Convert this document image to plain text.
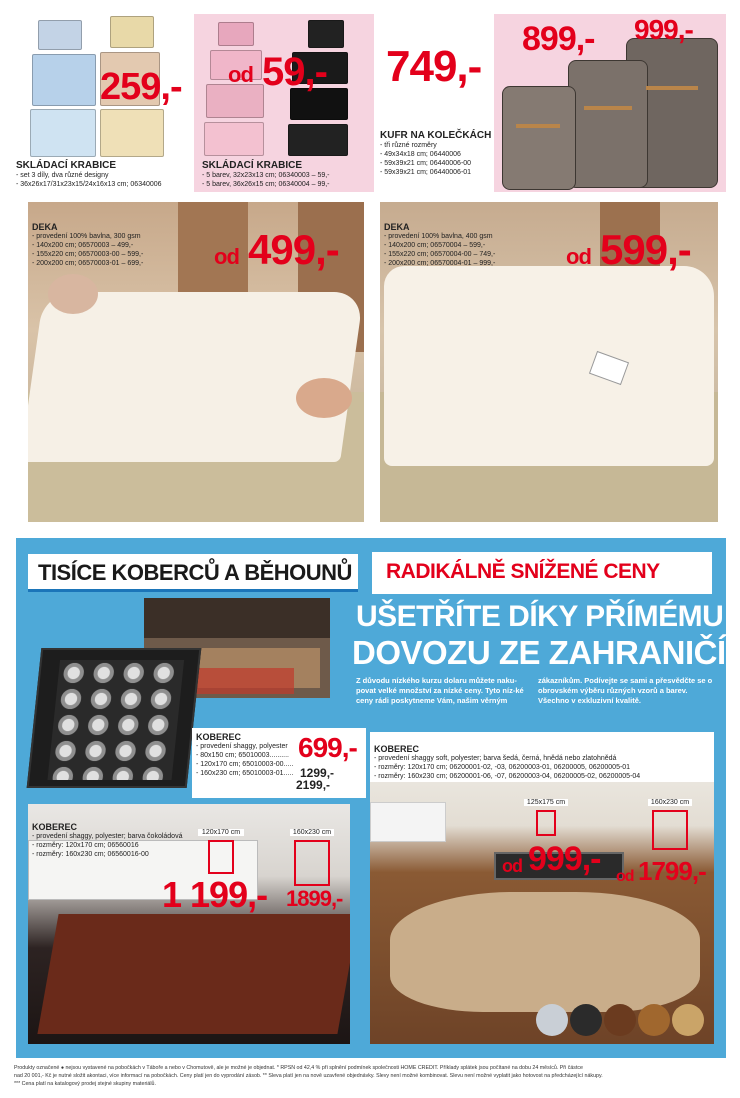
259,-
SKLÁDACÍ KRABICE
- set 3 díly, dva různé designy
- 36x26x17/31x23x15/24x16x13 cm; 06340006
od 59,-
SKLÁDACÍ KRABICE
- 5 barev, 32x23x13 cm; 06340003 – 59,-
- 5 barev, 36x26x15 cm; 06340004 – 99,-
749,-
899,- 999,-
KUFR NA KOLEČKÁCH
- tři různé rozměry
- 49x34x18 cm; 06440006
- 59x39x21 cm; 06440006-00
- 59x39x21 cm; 06440006-01
DEKA
- provedení 100% bavlna, 300 gsm
- 140x200 cm; 06570003 – 499,-
- 155x220 cm; 06570003-00 – 599,-
- 200x200 cm; 06570003-01 – 699,-	od 499,-	DEKA
- provedení 100% bavlna, 400 gsm
- 140x200 cm; 06570004 – 599,-
- 155x220 cm; 06570004-00 – 749,-
- 200x200 cm; 06570004-01 – 999,-	od 599,-
TISÍCE KOBERCŮ A BĚHOUNŮ RADIKÁLNĚ SNÍŽENÉ CENY
UŠETŘÍTE DÍKY PŘÍMÉMU
DOVOZU ZE ZAHRANIČÍ
Z důvodu nízkého kurzu dolaru můžete naku-povat velké množství za nízké ceny. Tyto níz-ké ceny rádi poskytneme Vám, našim věrným
zákazníkům. Podívejte se sami a přesvědčte se o obrovském výběru různých vzorů a barev. Všechno v exkluzivní kvalitě.
KOBEREC
- provedení shaggy, polyester
- 80x150 cm; 65010003..........
- 120x170 cm; 65010003-00.....
- 160x230 cm; 65010003-01.....
699,-
1299,-
2199,-
KOBEREC
- provedení shaggy soft, polyester; barva šedá, černá, hnědá nebo zlatohnědá
- rozměry: 120x170 cm; 06200001-02, -03, 06200003-01, 06200005, 06200005-01
- rozměry: 160x230 cm; 06200001-06, -07, 06200003-04, 06200005-02, 06200005-04
125x175 cm	160x230 cm
od 999,- od 1799,-
KOBEREC
- provedení shaggy, polyester; barva čokoládová
- rozměry: 120x170 cm; 06560016
- rozměry: 160x230 cm; 06560016-00
120x170 cm	160x230 cm
1 199,- 1899,-
Produkty označené ● nejsou vystavené na pobočkách v Táboře a nebo v Chomutově, ale je možné je objednat. * RPSN od 42,4 % při splnění podmínek společnosti HOME CREDIT. Příklady splátek jsou počítané na dobu 24 měsíců. Při částce
nad 20 001,- Kč je nutné složit akontaci, více informací na pobočkách. Ceny platí jen do vyprodání zásob. ** Sleva platí jen na nově uzavřené objednávky. Slevy není možné kombinovat. Slevu není možné vyplatit jako hotovost na předcházející nákupy.
*** Cena platí na katalogový prodej stejné skupiny materiálů.
